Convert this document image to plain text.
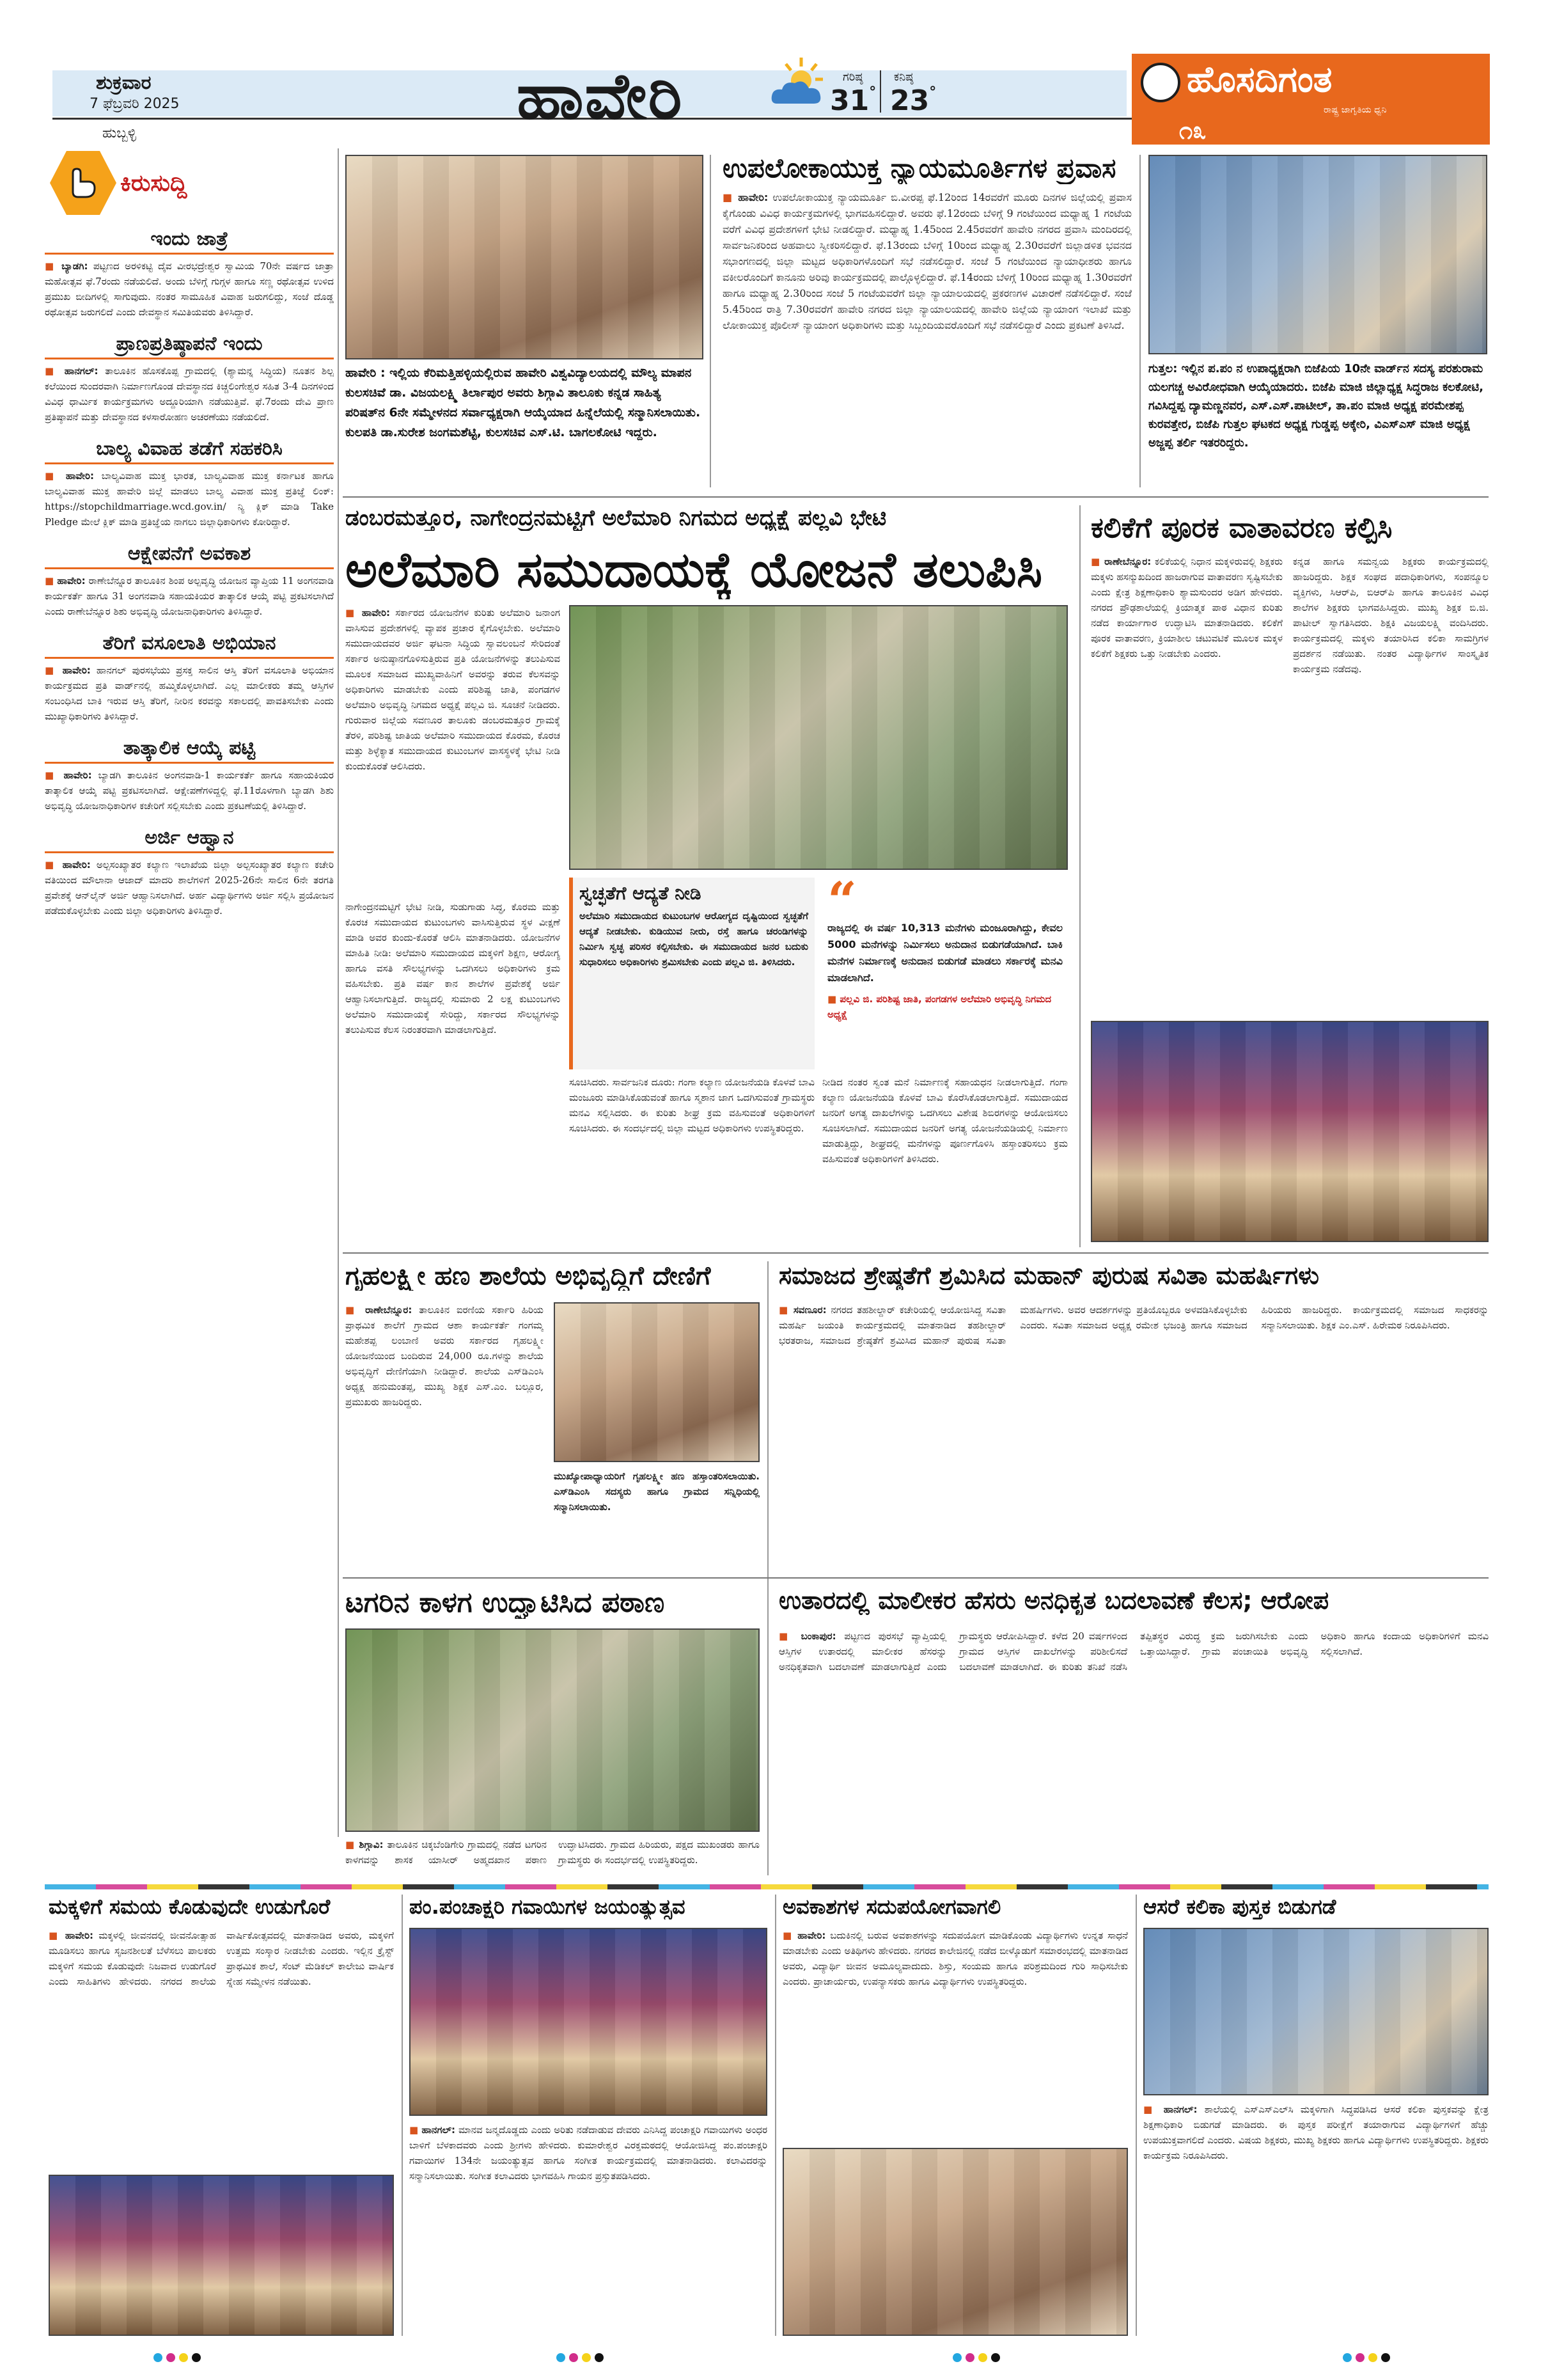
ಶುಕ್ರವಾರ
7 ಫೆಬ್ರವರಿ 2025
ಹುಬ್ಬಳ್ಳಿ	ಹಾವೇರಿ	ಗರಿಷ್ಠ
31°
ಕನಿಷ್ಠ
23°	ಹೊಸದಿಗಂತ
ರಾಷ್ಟ್ರ ಜಾಗೃತಿಯ ಧ್ವನಿ
೧೩
ಕಿರುಸುದ್ದಿ
ಇಂದು ಜಾತ್ರೆ
■ ಬ್ಯಾಡಗಿ: ಪಟ್ಟಣದ ಅರಳಿಕಟ್ಟಿ ದೈವ ವೀರಭದ್ರೇಶ್ವರ ಸ್ವಾಮಿಯ 70ನೇ ವರ್ಷದ ಜಾತ್ರಾ ಮಹೋತ್ಸವ ಫೆ.7ರಂದು ನಡೆಯಲಿದೆ. ಅಂದು ಬೆಳಿಗ್ಗೆ ಗುಗ್ಗಳ ಹಾಗೂ ಸಣ್ಣ ರಥೋತ್ಸವ ಉಳಿದ ಪ್ರಮುಖ ಬೀದಿಗಳಲ್ಲಿ ಸಾಗುವುದು. ನಂತರ ಸಾಮೂಹಿಕ ವಿವಾಹ ಜರುಗಲಿದ್ದು, ಸಂಜೆ ದೊಡ್ಡ ರಥೋತ್ಸವ ಜರುಗಲಿದೆ ಎಂದು ದೇವಸ್ಥಾನ ಸಮಿತಿಯವರು ತಿಳಿಸಿದ್ದಾರೆ.
ಪ್ರಾಣಪ್ರತಿಷ್ಠಾಪನೆ ಇಂದು
■ ಹಾನಗಲ್: ತಾಲೂಕಿನ ಹೊಸಕೊಪ್ಪ ಗ್ರಾಮದಲ್ಲಿ (ಶ್ಯಾಮನ್ನ ಸಿದ್ಧಿಯ) ನೂತನ ಶಿಲ್ಪ ಕಲೆಯಿಂದ ಸುಂದರವಾಗಿ ನಿರ್ಮಾಣಗೊಂಡ ದೇವಸ್ಥಾನದ ಕಿಚ್ಚಲಿಂಗೇಶ್ವರ ಸಹಿತ 3-4 ದಿನಗಳಿಂದ ವಿವಿಧ ಧಾರ್ಮಿಕ ಕಾರ್ಯಕ್ರಮಗಳು ಅದ್ದೂರಿಯಾಗಿ ನಡೆಯುತ್ತಿವೆ. ಫೆ.7ರಂದು ದೇವಿ ಪ್ರಾಣ ಪ್ರತಿಷ್ಠಾಪನೆ ಮತ್ತು ದೇವಸ್ಥಾನದ ಕಳಸಾರೋಹಣ ಅಚರಣೆಯು ನಡೆಯಲಿದೆ.
ಬಾಲ್ಯ ವಿವಾಹ ತಡೆಗೆ ಸಹಕರಿಸಿ
■ ಹಾವೇರಿ: ಬಾಲ್ಯವಿವಾಹ ಮುಕ್ತ ಭಾರತ, ಬಾಲ್ಯವಿವಾಹ ಮುಕ್ತ ಕರ್ನಾಟಕ ಹಾಗೂ ಬಾಲ್ಯವಿವಾಹ ಮುಕ್ತ ಹಾವೇರಿ ಜಿಲ್ಲೆ ಮಾಡಲು ಬಾಲ್ಯ ವಿವಾಹ ಮುಕ್ತ ಪ್ರತಿಜ್ಞೆ ಲಿಂಕ್: https://stopchildmarriage.wcd.gov.in/ ನ್ಯಿ ಕ್ಲಿಕ್ ಮಾಡಿ Take Pledge ಮೇಲೆ ಕ್ಲಿಕ್ ಮಾಡಿ ಪ್ರತಿಜ್ಞೆಯ ನಾಗಲು ಜಿಲ್ಲಾಧಿಕಾರಿಗಳು ಕೋರಿದ್ದಾರೆ.
ಆಕ್ಷೇಪನೆಗೆ ಅವಕಾಶ
■ ಹಾವೇರಿ: ರಾಣೇಬೆನ್ನೂರ ತಾಲೂಕಿನ ಶಿಂಪ ಅಲ್ಪವೃದ್ಧಿ ಯೋಜನ ವ್ಯಾಪ್ತಿಯ 11 ಅಂಗನವಾಡಿ ಕಾರ್ಯಕರ್ತೆ ಹಾಗೂ 31 ಅಂಗನವಾಡಿ ಸಹಾಯಕಿಯರ ತಾತ್ಕಾಲಿಕ ಆಯ್ಕೆ ಪಟ್ಟಿ ಪ್ರಕಟಿಸಲಾಗಿದೆ ಎಂದು ರಾಣೇಬೆನ್ನೂರ ಶಿಶು ಅಭಿವೃದ್ಧಿ ಯೋಜನಾಧಿಕಾರಿಗಳು ತಿಳಿಸಿದ್ದಾರೆ.
ತೆರಿಗೆ ವಸೂಲಾತಿ ಅಭಿಯಾನ
■ ಹಾವೇರಿ: ಹಾನಗಲ್ ಪುರಸಭೆಯು ಪ್ರಸಕ್ತ ಸಾಲಿನ ಆಸ್ತಿ ತೆರಿಗೆ ವಸೂಲಾತಿ ಅಭಿಯಾನ ಕಾರ್ಯಕ್ರಮದ ಪ್ರತಿ ವಾರ್ಡ್‌ನಲ್ಲಿ ಹಮ್ಮಿಕೊಳ್ಳಲಾಗಿದೆ. ಎಲ್ಲ ಮಾಲೀಕರು ತಮ್ಮ ಆಸ್ತಿಗಳ ಸಂಬಂಧಿಸಿದ ಬಾಕಿ ಇರುವ ಆಸ್ತಿ ತೆರಿಗೆ, ನೀರಿನ ಕರವನ್ನು ಸಕಾಲದಲ್ಲಿ ಪಾವತಿಸಬೇಕು ಎಂದು ಮುಖ್ಯಾಧಿಕಾರಿಗಳು ತಿಳಿಸಿದ್ದಾರೆ.
ತಾತ್ಕಾಲಿಕ ಆಯ್ಕೆ ಪಟ್ಟಿ
■ ಹಾವೇರಿ: ಬ್ಯಾಡಗಿ ತಾಲೂಕಿನ ಅಂಗನವಾಡಿ-1 ಕಾರ್ಯಕರ್ತೆ ಹಾಗೂ ಸಹಾಯಕಿಯರ ತಾತ್ಕಾಲಿಕ ಆಯ್ಕೆ ಪಟ್ಟಿ ಪ್ರಕಟಿಸಲಾಗಿದೆ. ಆಕ್ಷೇಪಣೆಗಳಿದ್ದಲ್ಲಿ ಫೆ.11ರೊಳಗಾಗಿ ಬ್ಯಾಡಗಿ ಶಿಶು ಅಭಿವೃದ್ಧಿ ಯೋಜನಾಧಿಕಾರಿಗಳ ಕಚೇರಿಗೆ ಸಲ್ಲಿಸಬೇಕು ಎಂದು ಪ್ರಕಟಣೆಯಲ್ಲಿ ತಿಳಿಸಿದ್ದಾರೆ.
ಅರ್ಜಿ ಆಹ್ವಾನ
■ ಹಾವೇರಿ: ಅಲ್ಪಸಂಖ್ಯಾತರ ಕಲ್ಯಾಣ ಇಲಾಖೆಯ ಜಿಲ್ಲಾ ಅಲ್ಪಸಂಖ್ಯಾತರ ಕಲ್ಯಾಣ ಕಚೇರಿ ವತಿಯಿಂದ ಮೌಲಾನಾ ಆಜಾದ್ ಮಾದರಿ ಶಾಲೆಗಳಿಗೆ 2025-26ನೇ ಸಾಲಿನ 6ನೇ ತರಗತಿ ಪ್ರವೇಶಕ್ಕೆ ಆನ್‌ಲೈನ್ ಅರ್ಜಿ ಆಹ್ವಾನಿಸಲಾಗಿದೆ. ಅರ್ಹ ವಿದ್ಯಾರ್ಥಿಗಳು ಅರ್ಜಿ ಸಲ್ಲಿಸಿ ಪ್ರಯೋಜನ ಪಡೆದುಕೊಳ್ಳಬೇಕು ಎಂದು ಜಿಲ್ಲಾ ಅಧಿಕಾರಿಗಳು ತಿಳಿಸಿದ್ದಾರೆ.
ಹಾವೇರಿ : ಇಲ್ಲಿಯ ಕೆರಿಮತ್ತಿಹಳ್ಳಿಯಲ್ಲಿರುವ ಹಾವೇರಿ ವಿಶ್ವವಿದ್ಯಾಲಯದಲ್ಲಿ ಮೌಲ್ಯ ಮಾಪನ ಕುಲಸಚಿವೆ ಡಾ. ವಿಜಯಲಕ್ಷ್ಮಿ ತಿರ್ಲಾಪುರ ಅವರು ಶಿಗ್ಗಾವಿ ತಾಲೂಕು ಕನ್ನಡ ಸಾಹಿತ್ಯ ಪರಿಷತ್‌ನ 6ನೇ ಸಮ್ಮೇಳನದ ಸರ್ವಾಧ್ಯಕ್ಷರಾಗಿ ಆಯ್ಕೆಯಾದ ಹಿನ್ನೆಲೆಯಲ್ಲಿ ಸನ್ಮಾನಿಸಲಾಯಿತು. ಕುಲಪತಿ ಡಾ.ಸುರೇಶ ಜಂಗಮಶೆಟ್ಟಿ, ಕುಲಸಚಿವ ಎಸ್.ಟಿ. ಬಾಗಲಕೋಟಿ ಇದ್ದರು.
ಉಪಲೋಕಾಯುಕ್ತ ನ್ಯಾಯಮೂರ್ತಿಗಳ ಪ್ರವಾಸ
■ ಹಾವೇರಿ: ಉಪಲೋಕಾಯುಕ್ತ ನ್ಯಾಯಮೂರ್ತಿ ಬಿ.ವೀರಪ್ಪ ಫೆ.12ರಿಂದ 14ರವರೆಗೆ ಮೂರು ದಿನಗಳ ಜಿಲ್ಲೆಯಲ್ಲಿ ಪ್ರವಾಸ ಕೈಗೊಂಡು ವಿವಿಧ ಕಾರ್ಯಕ್ರಮಗಳಲ್ಲಿ ಭಾಗವಹಿಸಲಿದ್ದಾರೆ. ಅವರು ಫೆ.12ರಂದು ಬೆಳಿಗ್ಗೆ 9 ಗಂಟೆಯಿಂದ ಮಧ್ಯಾಹ್ನ 1 ಗಂಟೆಯ ವರೆಗೆ ವಿವಿಧ ಪ್ರದೇಶಗಳಿಗೆ ಭೇಟಿ ನೀಡಲಿದ್ದಾರೆ. ಮಧ್ಯಾಹ್ನ 1.45ರಿಂದ 2.45ರವರೆಗೆ ಹಾವೇರಿ ನಗರದ ಪ್ರವಾಸಿ ಮಂದಿರದಲ್ಲಿ ಸಾರ್ವಜನಿಕರಿಂದ ಅಹವಾಲು ಸ್ವೀಕರಿಸಲಿದ್ದಾರೆ. ಫೆ.13ರಂದು ಬೆಳಿಗ್ಗೆ 10ರಿಂದ ಮಧ್ಯಾಹ್ನ 2.30ರವರೆಗೆ ಜಿಲ್ಲಾಡಳಿತ ಭವನದ ಸಭಾಂಗಣದಲ್ಲಿ ಜಿಲ್ಲಾ ಮಟ್ಟದ ಅಧಿಕಾರಿಗಳೊಂದಿಗೆ ಸಭೆ ನಡೆಸಲಿದ್ದಾರೆ. ಸಂಜೆ 5 ಗಂಟೆಯಿಂದ ನ್ಯಾಯಾಧೀಶರು ಹಾಗೂ ವಕೀಲರೊಂದಿಗೆ ಕಾನೂನು ಅರಿವು ಕಾರ್ಯಕ್ರಮದಲ್ಲಿ ಪಾಲ್ಗೊಳ್ಳಲಿದ್ದಾರೆ. ಫೆ.14ರಂದು ಬೆಳಿಗ್ಗೆ 10ರಿಂದ ಮಧ್ಯಾಹ್ನ 1.30ರವರೆಗೆ ಹಾಗೂ ಮಧ್ಯಾಹ್ನ 2.30ರಿಂದ ಸಂಜೆ 5 ಗಂಟೆಯವರೆಗೆ ಜಿಲ್ಲಾ ನ್ಯಾಯಾಲಯದಲ್ಲಿ ಪ್ರಕರಣಗಳ ವಿಚಾರಣೆ ನಡೆಸಲಿದ್ದಾರೆ. ಸಂಜೆ 5.45ರಿಂದ ರಾತ್ರಿ 7.30ರವರೆಗೆ ಹಾವೇರಿ ನಗರದ ಜಿಲ್ಲಾ ನ್ಯಾಯಾಲಯದಲ್ಲಿ ಹಾವೇರಿ ಜಿಲ್ಲೆಯ ನ್ಯಾಯಾಂಗ ಇಲಾಖೆ ಮತ್ತು ಲೋಕಾಯುಕ್ತ ಪೊಲೀಸ್ ನ್ಯಾಯಾಂಗ ಅಧಿಕಾರಿಗಳು ಮತ್ತು ಸಿಬ್ಬಂದಿಯವರೊಂದಿಗೆ ಸಭೆ ನಡೆಸಲಿದ್ದಾರೆ ಎಂದು ಪ್ರಕಟಣೆ ತಿಳಿಸಿದೆ.
ಗುತ್ತಲ: ಇಲ್ಲಿನ ಪ.ಪಂ ನ ಉಪಾಧ್ಯಕ್ಷರಾಗಿ ಬಿಜೆಪಿಯ 10ನೇ ವಾರ್ಡ್‌ನ ಸದಸ್ಯ ಪರಶುರಾಮ ಯಲಗಚ್ಚ ಅವಿರೋಧವಾಗಿ ಆಯ್ಕೆಯಾದರು. ಬಿಜೆಪಿ ಮಾಜಿ ಜಿಲ್ಲಾಧ್ಯಕ್ಷ ಸಿದ್ಧರಾಜ ಕಲಕೋಟಿ, ಗವಿಸಿದ್ದಪ್ಪ ದ್ಯಾಮಣ್ಣನವರ, ಎಸ್.ಎಸ್.ಪಾಟೀಲ್, ತಾ.ಪಂ ಮಾಜಿ ಅಧ್ಯಕ್ಷ ಪರಮೇಶಪ್ಪ ಕುರವತ್ತೇರ, ಬಿಜೆಪಿ ಗುತ್ತಲ ಘಟಕದ ಅಧ್ಯಕ್ಷ ಗುಡ್ಡಪ್ಪ ಅಕ್ಕೇರಿ, ವಿಎಸ್ಎಸ್ ಮಾಜಿ ಅಧ್ಯಕ್ಷ ಅಜ್ಜಪ್ಪ ತರ್ಲಿ ಇತರರಿದ್ದರು.
ಡಂಬರಮತ್ತೂರ, ನಾಗೇಂದ್ರನಮಟ್ಟಿಗೆ ಅಲೆಮಾರಿ ನಿಗಮದ ಅಧ್ಯಕ್ಷೆ ಪಲ್ಲವಿ ಭೇಟಿ
ಅಲೆಮಾರಿ ಸಮುದಾಯಕ್ಕೆ ಯೋಜನೆ ತಲುಪಿಸಿ
■ ಹಾವೇರಿ: ಸರ್ಕಾರದ ಯೋಜನೆಗಳ ಕುರಿತು ಅಲೆಮಾರಿ ಜನಾಂಗ ವಾಸಿಸುವ ಪ್ರದೇಶಗಳಲ್ಲಿ ವ್ಯಾಪಕ ಪ್ರಚಾರ ಕೈಗೊಳ್ಳಬೇಕು. ಅಲೆಮಾರಿ ಸಮುದಾಯದವರ ಅರ್ಜಿ ಘಟನಾ ಸಿದ್ಧಿಯ ಸ್ವಾವಲಂಬನೆ ಸೇರಿದಂತೆ ಸರ್ಕಾರ ಅನುಷ್ಠಾನಗೊಳಿಸುತ್ತಿರುವ ಪ್ರತಿ ಯೋಜನೆಗಳನ್ನು ತಲುಪಿಸುವ ಮೂಲಕ ಸಮಾಜದ ಮುಖ್ಯವಾಹಿನಿಗೆ ಅವರನ್ನು ತರುವ ಕೆಲಸವನ್ನು ಅಧಿಕಾರಿಗಳು ಮಾಡಬೇಕು ಎಂದು ಪರಿಶಿಷ್ಟ ಜಾತಿ, ಪಂಗಡಗಳ ಅಲೆಮಾರಿ ಅಭಿವೃದ್ಧಿ ನಿಗಮದ ಅಧ್ಯಕ್ಷೆ ಪಲ್ಲವಿ ಜಿ. ಸೂಚನೆ ನೀಡಿದರು. ಗುರುವಾರ ಜಿಲ್ಲೆಯ ಸವಣೂರ ತಾಲೂಕು ಡಂಬರಮತ್ತೂರ ಗ್ರಾಮಕ್ಕೆ ತೆರಳಿ, ಪರಿಶಿಷ್ಟ ಜಾತಿಯ ಅಲೆಮಾರಿ ಸಮುದಾಯದ ಕೊರಮ, ಕೊರಚ ಮತ್ತು ಶಿಳ್ಳೆಕ್ಯಾತ ಸಮುದಾಯದ ಕುಟುಂಬಗಳ ವಾಸಸ್ಥಳಕ್ಕೆ ಭೇಟಿ ನೀಡಿ ಕುಂದುಕೊರತೆ ಆಲಿಸಿದರು.
ನಾಗೇಂದ್ರನಮಟ್ಟಿಗೆ ಭೇಟಿ ನೀಡಿ, ಸುಡುಗಾಡು ಸಿದ್ಧ, ಕೊರಮ ಮತ್ತು ಕೊರಚ ಸಮುದಾಯದ ಕುಟುಂಬಗಳು ವಾಸಿಸುತ್ತಿರುವ ಸ್ಥಳ ವೀಕ್ಷಣೆ ಮಾಡಿ ಅವರ ಕುಂದು-ಕೊರತೆ ಆಲಿಸಿ ಮಾತನಾಡಿದರು. ಯೋಜನೆಗಳ ಮಾಹಿತಿ ನೀಡಿ: ಅಲೆಮಾರಿ ಸಮುದಾಯದ ಮಕ್ಕಳಿಗೆ ಶಿಕ್ಷಣ, ಆರೋಗ್ಯ ಹಾಗೂ ವಸತಿ ಸೌಲಭ್ಯಗಳನ್ನು ಒದಗಿಸಲು ಅಧಿಕಾರಿಗಳು ಕ್ರಮ ವಹಿಸಬೇಕು. ಪ್ರತಿ ವರ್ಷ ಕಾನ ಶಾಲೆಗಳ ಪ್ರವೇಶಕ್ಕೆ ಅರ್ಜಿ ಆಹ್ವಾನಿಸಲಾಗುತ್ತಿದೆ. ರಾಜ್ಯದಲ್ಲಿ ಸುಮಾರು 2 ಲಕ್ಷ ಕುಟುಂಬಗಳು ಅಲೆಮಾರಿ ಸಮುದಾಯಕ್ಕೆ ಸೇರಿದ್ದು, ಸರ್ಕಾರದ ಸೌಲಭ್ಯಗಳನ್ನು ತಲುಪಿಸುವ ಕೆಲಸ ನಿರಂತರವಾಗಿ ಮಾಡಲಾಗುತ್ತಿದೆ.
ಸ್ವಚ್ಛತೆಗೆ ಆದ್ಯತೆ ನೀಡಿ
ಅಲೆಮಾರಿ ಸಮುದಾಯದ ಕುಟುಂಬಗಳ ಆರೋಗ್ಯದ ದೃಷ್ಟಿಯಿಂದ ಸ್ವಚ್ಛತೆಗೆ ಆದ್ಯತೆ ನೀಡಬೇಕು. ಕುಡಿಯುವ ನೀರು, ರಸ್ತೆ ಹಾಗೂ ಚರಂಡಿಗಳನ್ನು ನಿರ್ಮಿಸಿ ಸ್ವಚ್ಛ ಪರಿಸರ ಕಲ್ಪಿಸಬೇಕು. ಈ ಸಮುದಾಯದ ಜನರ ಬದುಕು ಸುಧಾರಿಸಲು ಅಧಿಕಾರಿಗಳು ಶ್ರಮಿಸಬೇಕು ಎಂದು ಪಲ್ಲವಿ ಜಿ. ತಿಳಿಸಿದರು.
“
ರಾಜ್ಯದಲ್ಲಿ ಈ ವರ್ಷ 10,313 ಮನೆಗಳು ಮಂಜೂರಾಗಿದ್ದು, ಕೇವಲ 5000 ಮನೆಗಳನ್ನು ನಿರ್ಮಿಸಲು ಅನುದಾನ ಬಿಡುಗಡೆಯಾಗಿದೆ. ಬಾಕಿ ಮನೆಗಳ ನಿರ್ಮಾಣಕ್ಕೆ ಅನುದಾನ ಬಿಡುಗಡೆ ಮಾಡಲು ಸರ್ಕಾರಕ್ಕೆ ಮನವಿ ಮಾಡಲಾಗಿದೆ.
■ ಪಲ್ಲವಿ ಜಿ. ಪರಿಶಿಷ್ಟ ಜಾತಿ, ಪಂಗಡಗಳ ಅಲೆಮಾರಿ ಅಭಿವೃದ್ಧಿ ನಿಗಮದ ಅಧ್ಯಕ್ಷೆ
ನೀಡಿದ ನಂತರ ಸ್ವಂತ ಮನೆ ನಿರ್ಮಾಣಕ್ಕೆ ಸಹಾಯಧನ ನೀಡಲಾಗುತ್ತಿದೆ. ಗಂಗಾ ಕಲ್ಯಾಣ ಯೋಜನೆಯಡಿ ಕೊಳವೆ ಬಾವಿ ಕೊರೆಸಿಕೊಡಲಾಗುತ್ತಿದೆ. ಸಮುದಾಯದ ಜನರಿಗೆ ಅಗತ್ಯ ದಾಖಲೆಗಳನ್ನು ಒದಗಿಸಲು ವಿಶೇಷ ಶಿಬಿರಗಳನ್ನು ಆಯೋಜಿಸಲು ಸೂಚಿಸಲಾಗಿದೆ. ಸಮುದಾಯದ ಜನರಿಗೆ ಅಗತ್ಯ ಯೋಜನೆಯಡಿಯಲ್ಲಿ ನಿರ್ಮಾಣ ಮಾಡುತ್ತಿದ್ದು, ಶೀಘ್ರದಲ್ಲಿ ಮನೆಗಳನ್ನು ಪೂರ್ಣಗೊಳಿಸಿ ಹಸ್ತಾಂತರಿಸಲು ಕ್ರಮ ವಹಿಸುವಂತೆ ಅಧಿಕಾರಿಗಳಿಗೆ ತಿಳಿಸಿದರು.
ಸೂಚಿಸಿದರು. ಸಾರ್ವಜನಿಕ ದೂರು: ಗಂಗಾ ಕಲ್ಯಾಣ ಯೋಜನೆಯಡಿ ಕೊಳವೆ ಬಾವಿ ಮಂಜೂರು ಮಾಡಿಸಿಕೊಡುವಂತೆ ಹಾಗೂ ಸ್ಮಶಾನ ಜಾಗ ಒದಗಿಸುವಂತೆ ಗ್ರಾಮಸ್ಥರು ಮನವಿ ಸಲ್ಲಿಸಿದರು. ಈ ಕುರಿತು ಶೀಘ್ರ ಕ್ರಮ ವಹಿಸುವಂತೆ ಅಧಿಕಾರಿಗಳಿಗೆ ಸೂಚಿಸಿದರು. ಈ ಸಂದರ್ಭದಲ್ಲಿ ಜಿಲ್ಲಾ ಮಟ್ಟದ ಅಧಿಕಾರಿಗಳು ಉಪಸ್ಥಿತರಿದ್ದರು.
ಕಲಿಕೆಗೆ ಪೂರಕ ವಾತಾವರಣ ಕಲ್ಪಿಸಿ
■ ರಾಣೇಬೆನ್ನೂರ: ಕಲಿಕೆಯಲ್ಲಿ ನಿಧಾನ ಮಕ್ಕಳಿರುವಲ್ಲಿ ಶಿಕ್ಷಕರು ಮಕ್ಕಳು ಹಸನ್ಮುಖದಿಂದ ಹಾಜರಾಗುವ ವಾತಾವರಣ ಸೃಷ್ಟಿಸಬೇಕು ಎಂದು ಕ್ಷೇತ್ರ ಶಿಕ್ಷಣಾಧಿಕಾರಿ ಶ್ಯಾಮಸುಂದರ ಅಡಿಗ ಹೇಳಿದರು. ನಗರದ ಪ್ರೌಢಶಾಲೆಯಲ್ಲಿ ಕ್ರಿಯಾತ್ಮಕ ಪಾಠ ವಿಧಾನ ಕುರಿತು ನಡೆದ ಕಾರ್ಯಾಗಾರ ಉದ್ಘಾಟಿಸಿ ಮಾತನಾಡಿದರು. ಕಲಿಕೆಗೆ ಪೂರಕ ವಾತಾವರಣ, ಕ್ರಿಯಾಶೀಲ ಚಟುವಟಿಕೆ ಮೂಲಕ ಮಕ್ಕಳ ಕಲಿಕೆಗೆ ಶಿಕ್ಷಕರು ಒತ್ತು ನೀಡಬೇಕು ಎಂದರು.
ಕನ್ನಡ ಹಾಗೂ ಸಮನ್ವಯ ಶಿಕ್ಷಕರು ಕಾರ್ಯಕ್ರಮದಲ್ಲಿ ಹಾಜರಿದ್ದರು. ಶಿಕ್ಷಕ ಸಂಘದ ಪದಾಧಿಕಾರಿಗಳು, ಸಂಪನ್ಮೂಲ ವ್ಯಕ್ತಿಗಳು, ಸಿಆರ್‌ಪಿ, ಬಿಆರ್‌ಪಿ ಹಾಗೂ ತಾಲೂಕಿನ ವಿವಿಧ ಶಾಲೆಗಳ ಶಿಕ್ಷಕರು ಭಾಗವಹಿಸಿದ್ದರು. ಮುಖ್ಯ ಶಿಕ್ಷಕ ಬಿ.ಜಿ. ಪಾಟೀಲ್ ಸ್ವಾಗತಿಸಿದರು. ಶಿಕ್ಷಕಿ ವಿಜಯಲಕ್ಷ್ಮಿ ವಂದಿಸಿದರು. ಕಾರ್ಯಕ್ರಮದಲ್ಲಿ ಮಕ್ಕಳು ತಯಾರಿಸಿದ ಕಲಿಕಾ ಸಾಮಗ್ರಿಗಳ ಪ್ರದರ್ಶನ ನಡೆಯಿತು. ನಂತರ ವಿದ್ಯಾರ್ಥಿಗಳ ಸಾಂಸ್ಕೃತಿಕ ಕಾರ್ಯಕ್ರಮ ನಡೆದವು.
ಗೃಹಲಕ್ಷ್ಮೀ ಹಣ ಶಾಲೆಯ ಅಭಿವೃದ್ಧಿಗೆ ದೇಣಿಗೆ
■ ರಾಣೇಬೆನ್ನೂರ: ತಾಲೂಕಿನ ಐರಣಿಯ ಸರ್ಕಾರಿ ಹಿರಿಯ ಪ್ರಾಥಮಿಕ ಶಾಲೆಗೆ ಗ್ರಾಮದ ಆಶಾ ಕಾರ್ಯಕರ್ತೆ ಗಂಗಮ್ಮ ಮಹೇಶಪ್ಪ ಲಂಬಾಣಿ ಅವರು ಸರ್ಕಾರದ ಗೃಹಲಕ್ಷ್ಮೀ ಯೋಜನೆಯಿಂದ ಬಂದಿರುವ 24,000 ರೂ.ಗಳನ್ನು ಶಾಲೆಯ ಅಭಿವೃದ್ಧಿಗೆ ದೇಣಿಗೆಯಾಗಿ ನೀಡಿದ್ದಾರೆ. ಶಾಲೆಯ ಎಸ್‌ಡಿಎಂಸಿ ಅಧ್ಯಕ್ಷ ಹನುಮಂತಪ್ಪ, ಮುಖ್ಯ ಶಿಕ್ಷಕ ಎಸ್.ಎಂ. ಬಲ್ಲೂರ, ಪ್ರಮುಖರು ಹಾಜರಿದ್ದರು.
ಮುಖ್ಯೋಪಾಧ್ಯಾಯರಿಗೆ ಗೃಹಲಕ್ಷ್ಮೀ ಹಣ ಹಸ್ತಾಂತರಿಸಲಾಯಿತು. ಎಸ್‌ಡಿಎಂಸಿ ಸದಸ್ಯರು ಹಾಗೂ ಗ್ರಾಮದ ಸನ್ನಿಧಿಯಲ್ಲಿ ಸನ್ಮಾನಿಸಲಾಯಿತು.
ಸಮಾಜದ ಶ್ರೇಷ್ಠತೆಗೆ ಶ್ರಮಿಸಿದ ಮಹಾನ್ ಪುರುಷ ಸವಿತಾ ಮಹರ್ಷಿಗಳು
■ ಸವಣೂರ: ನಗರದ ತಹಶೀಲ್ದಾರ್ ಕಚೇರಿಯಲ್ಲಿ ಆಯೋಜಿಸಿದ್ದ ಸವಿತಾ ಮಹರ್ಷಿ ಜಯಂತಿ ಕಾರ್ಯಕ್ರಮದಲ್ಲಿ ಮಾತನಾಡಿದ ತಹಶೀಲ್ದಾರ್ ಭರತರಾಜ, ಸಮಾಜದ ಶ್ರೇಷ್ಠತೆಗೆ ಶ್ರಮಿಸಿದ ಮಹಾನ್ ಪುರುಷ ಸವಿತಾ ಮಹರ್ಷಿಗಳು. ಅವರ ಆದರ್ಶಗಳನ್ನು ಪ್ರತಿಯೊಬ್ಬರೂ ಅಳವಡಿಸಿಕೊಳ್ಳಬೇಕು ಎಂದರು. ಸವಿತಾ ಸಮಾಜದ ಅಧ್ಯಕ್ಷ ರಮೇಶ ಭಜಂತ್ರಿ ಹಾಗೂ ಸಮಾಜದ ಹಿರಿಯರು ಹಾಜರಿದ್ದರು. ಕಾರ್ಯಕ್ರಮದಲ್ಲಿ ಸಮಾಜದ ಸಾಧಕರನ್ನು ಸನ್ಮಾನಿಸಲಾಯಿತು. ಶಿಕ್ಷಕ ಎಂ.ಎಸ್. ಹಿರೇಮಠ ನಿರೂಪಿಸಿದರು.
ಟಗರಿನ ಕಾಳಗ ಉದ್ಘಾಟಿಸಿದ ಪಠಾಣ
■ ಶಿಗ್ಗಾವಿ: ತಾಲೂಕಿನ ಚಿಕ್ಕಬೆಂಡಿಗೇರಿ ಗ್ರಾಮದಲ್ಲಿ ನಡೆದ ಟಗರಿನ ಕಾಳಗವನ್ನು ಶಾಸಕ ಯಾಸೀರ್ ಅಹ್ಮದಖಾನ ಪಠಾಣ ಉದ್ಘಾಟಿಸಿದರು. ಗ್ರಾಮದ ಹಿರಿಯರು, ಪಕ್ಷದ ಮುಖಂಡರು ಹಾಗೂ ಗ್ರಾಮಸ್ಥರು ಈ ಸಂದರ್ಭದಲ್ಲಿ ಉಪಸ್ಥಿತರಿದ್ದರು.
ಉತಾರದಲ್ಲಿ ಮಾಲೀಕರ ಹೆಸರು ಅನಧಿಕೃತ ಬದಲಾವಣೆ ಕೆಲಸ; ಆರೋಪ
■ ಬಂಕಾಪುರ: ಪಟ್ಟಣದ ಪುರಸಭೆ ವ್ಯಾಪ್ತಿಯಲ್ಲಿ ಆಸ್ತಿಗಳ ಉತಾರದಲ್ಲಿ ಮಾಲೀಕರ ಹೆಸರನ್ನು ಅನಧಿಕೃತವಾಗಿ ಬದಲಾವಣೆ ಮಾಡಲಾಗುತ್ತಿದೆ ಎಂದು ಗ್ರಾಮಸ್ಥರು ಆರೋಪಿಸಿದ್ದಾರೆ. ಕಳೆದ 20 ವರ್ಷಗಳಿಂದ ಗ್ರಾಮದ ಆಸ್ತಿಗಳ ದಾಖಲೆಗಳನ್ನು ಪರಿಶೀಲಿಸದೆ ಬದಲಾವಣೆ ಮಾಡಲಾಗಿದೆ. ಈ ಕುರಿತು ತನಿಖೆ ನಡೆಸಿ ತಪ್ಪಿತಸ್ಥರ ವಿರುದ್ಧ ಕ್ರಮ ಜರುಗಿಸಬೇಕು ಎಂದು ಒತ್ತಾಯಿಸಿದ್ದಾರೆ. ಗ್ರಾಮ ಪಂಚಾಯಿತಿ ಅಭಿವೃದ್ಧಿ ಅಧಿಕಾರಿ ಹಾಗೂ ಕಂದಾಯ ಅಧಿಕಾರಿಗಳಿಗೆ ಮನವಿ ಸಲ್ಲಿಸಲಾಗಿದೆ.
ಮಕ್ಕಳಿಗೆ ಸಮಯ ಕೊಡುವುದೇ ಉಡುಗೊರೆ
■ ಹಾವೇರಿ: ಮಕ್ಕಳಲ್ಲಿ ಜೀವನದಲ್ಲಿ ಜೀವನೋತ್ಸಾಹ ಮೂಡಿಸಲು ಹಾಗೂ ಸೃಜನಶೀಲತೆ ಬೆಳೆಸಲು ಪಾಲಕರು ಮಕ್ಕಳಿಗೆ ಸಮಯ ಕೊಡುವುದೇ ನಿಜವಾದ ಉಡುಗೊರೆ ಎಂದು ಸಾಹಿತಿಗಳು ಹೇಳಿದರು. ನಗರದ ಶಾಲೆಯ ವಾರ್ಷಿಕೋತ್ಸವದಲ್ಲಿ ಮಾತನಾಡಿದ ಅವರು, ಮಕ್ಕಳಿಗೆ ಉತ್ತಮ ಸಂಸ್ಕಾರ ನೀಡಬೇಕು ಎಂದರು. ಇಲ್ಲಿನ ಕ್ರೈಸ್ಟ್ ಪ್ರಾಥಮಿಕ ಶಾಲೆ, ಸೆಂಟ್ ಮೆಡಿಕಲ್ ಕಾಲೇಜು ವಾರ್ಷಿಕ ಸ್ನೇಹ ಸಮ್ಮೇಳನ ನಡೆಯಿತು.
ಪಂ.ಪಂಚಾಕ್ಷರಿ ಗವಾಯಿಗಳ ಜಯಂತ್ಯುತ್ಸವ
■ ಹಾನಗಲ್: ಮಾನವ ಜನ್ಮದೊಡ್ಡದು ಎಂದು ಅರಿತು ನಡೆದಾಡುವ ದೇವರು ಎನಿಸಿದ್ದ ಪಂಚಾಕ್ಷರಿ ಗವಾಯಿಗಳು ಅಂಧರ ಬಾಳಿಗೆ ಬೆಳಕಾದವರು ಎಂದು ಶ್ರೀಗಳು ಹೇಳಿದರು. ಕುಮಾರೇಶ್ವರ ವಿರಕ್ತಮಠದಲ್ಲಿ ಆಯೋಜಿಸಿದ್ದ ಪಂ.ಪಂಚಾಕ್ಷರಿ ಗವಾಯಿಗಳ 134ನೇ ಜಯಂತ್ಯುತ್ಸವ ಹಾಗೂ ಸಂಗೀತ ಕಾರ್ಯಕ್ರಮದಲ್ಲಿ ಮಾತನಾಡಿದರು. ಕಲಾವಿದರನ್ನು ಸನ್ಮಾನಿಸಲಾಯಿತು. ಸಂಗೀತ ಕಲಾವಿದರು ಭಾಗವಹಿಸಿ ಗಾಯನ ಪ್ರಸ್ತುತಪಡಿಸಿದರು.
ಅವಕಾಶಗಳ ಸದುಪಯೋಗವಾಗಲಿ
■ ಹಾವೇರಿ: ಬದುಕಿನಲ್ಲಿ ಬರುವ ಅವಕಾಶಗಳನ್ನು ಸದುಪಯೋಗ ಮಾಡಿಕೊಂಡು ವಿದ್ಯಾರ್ಥಿಗಳು ಉನ್ನತ ಸಾಧನೆ ಮಾಡಬೇಕು ಎಂದು ಅತಿಥಿಗಳು ಹೇಳಿದರು. ನಗರದ ಕಾಲೇಜಿನಲ್ಲಿ ನಡೆದ ಬೀಳ್ಕೊಡುಗೆ ಸಮಾರಂಭದಲ್ಲಿ ಮಾತನಾಡಿದ ಅವರು, ವಿದ್ಯಾರ್ಥಿ ಜೀವನ ಅಮೂಲ್ಯವಾದುದು. ಶಿಸ್ತು, ಸಂಯಮ ಹಾಗೂ ಪರಿಶ್ರಮದಿಂದ ಗುರಿ ಸಾಧಿಸಬೇಕು ಎಂದರು. ಪ್ರಾಚಾರ್ಯರು, ಉಪನ್ಯಾಸಕರು ಹಾಗೂ ವಿದ್ಯಾರ್ಥಿಗಳು ಉಪಸ್ಥಿತರಿದ್ದರು.
ಆಸರೆ ಕಲಿಕಾ ಪುಸ್ತಕ ಬಿಡುಗಡೆ
■ ಹಾನಗಲ್: ಶಾಲೆಯಲ್ಲಿ ಎಸ್ಎಸ್ಎಲ್‌ಸಿ ಮಕ್ಕಳಿಗಾಗಿ ಸಿದ್ಧಪಡಿಸಿದ ಆಸರೆ ಕಲಿಕಾ ಪುಸ್ತಕವನ್ನು ಕ್ಷೇತ್ರ ಶಿಕ್ಷಣಾಧಿಕಾರಿ ಬಿಡುಗಡೆ ಮಾಡಿದರು. ಈ ಪುಸ್ತಕ ಪರೀಕ್ಷೆಗೆ ತಯಾರಾಗುವ ವಿದ್ಯಾರ್ಥಿಗಳಿಗೆ ಹೆಚ್ಚು ಉಪಯುಕ್ತವಾಗಲಿದೆ ಎಂದರು. ವಿಷಯ ಶಿಕ್ಷಕರು, ಮುಖ್ಯ ಶಿಕ್ಷಕರು ಹಾಗೂ ವಿದ್ಯಾರ್ಥಿಗಳು ಉಪಸ್ಥಿತರಿದ್ದರು. ಶಿಕ್ಷಕರು ಕಾರ್ಯಕ್ರಮ ನಿರೂಪಿಸಿದರು.
